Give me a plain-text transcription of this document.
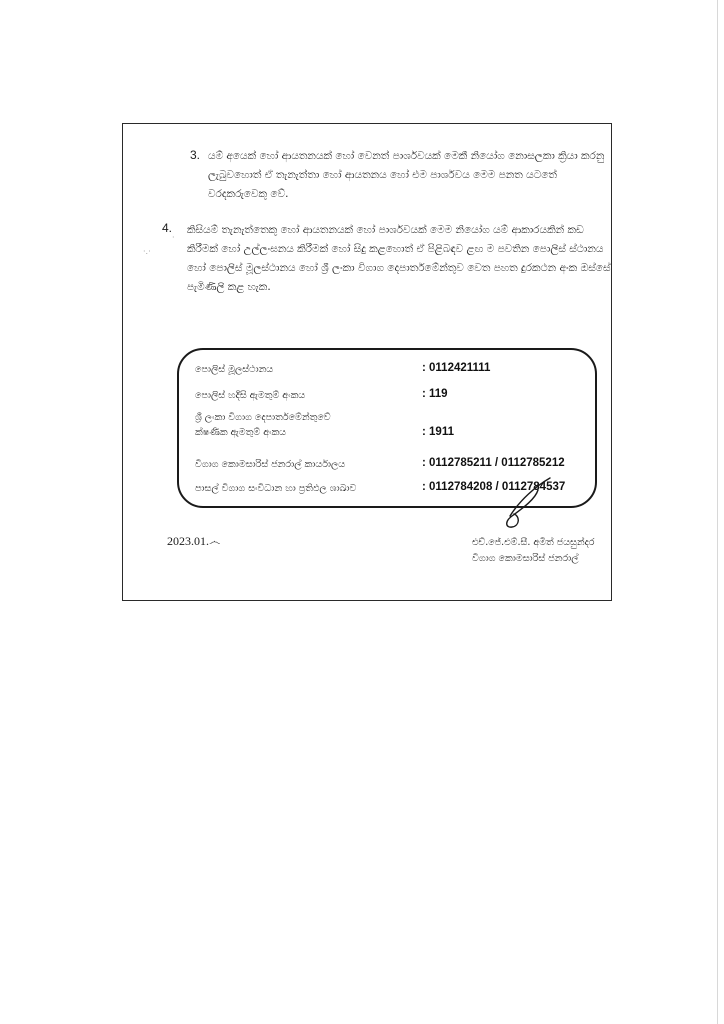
3. යම් අයෙක් හෝ ආයතනයක් හෝ වෙනත් පාර්ශවයක් මෙකී නියෝග නොසලකා ක්‍රියා කරනු ලැබුවහොත් ඒ තැනැත්තා හෝ ආයතනය හෝ එම පාර්ශවය මෙම පනත යටතේ වරදකරුවෙකු වේ.
4. කිසියම් තැනැත්තෙකු හෝ ආයතනයක් හෝ පාර්ශවයක් මෙම නියෝග යම් ආකාරයකින් කඩ කිරීමක් හෝ උල්ලංඝනය කිරීමක් හෝ සිදු කළහොත් ඒ පිළිබඳව ළඟ ම පවතින පොලිස් ස්ථානය හෝ පොලිස් මූලස්ථානය හෝ ශ්‍රී ලංකා විගාග දෙපාර්තමේන්තුව වෙත පහත දුරකථන අංක ඔස්සේ පැමිණිලි කළ හැක.
·.·
·
පොලිස් මූලස්ථානය	: 0112421111
පොලිස් හදිසි ඇමතුම් අංකය	: 119
ශ්‍රී ලංකා විගාග දෙපාර්තමේන්තුවේ ක්ෂණික ඇමතුම් අංකය	: 1911
විගාග කොමසාරිස් ජනරාල් කාර්යාලය	: 0112785211 / 0112785212
පාසල් විගාග සංවිධාන හා ප්‍රතිඵල ශාඛාව	: 0112784208 / 0112784537
2023.01.෴	එච්.ජේ.එම්.සී. අමිත් ජයසුන්දර
විගාග කොමසාරිස් ජනරාල්
